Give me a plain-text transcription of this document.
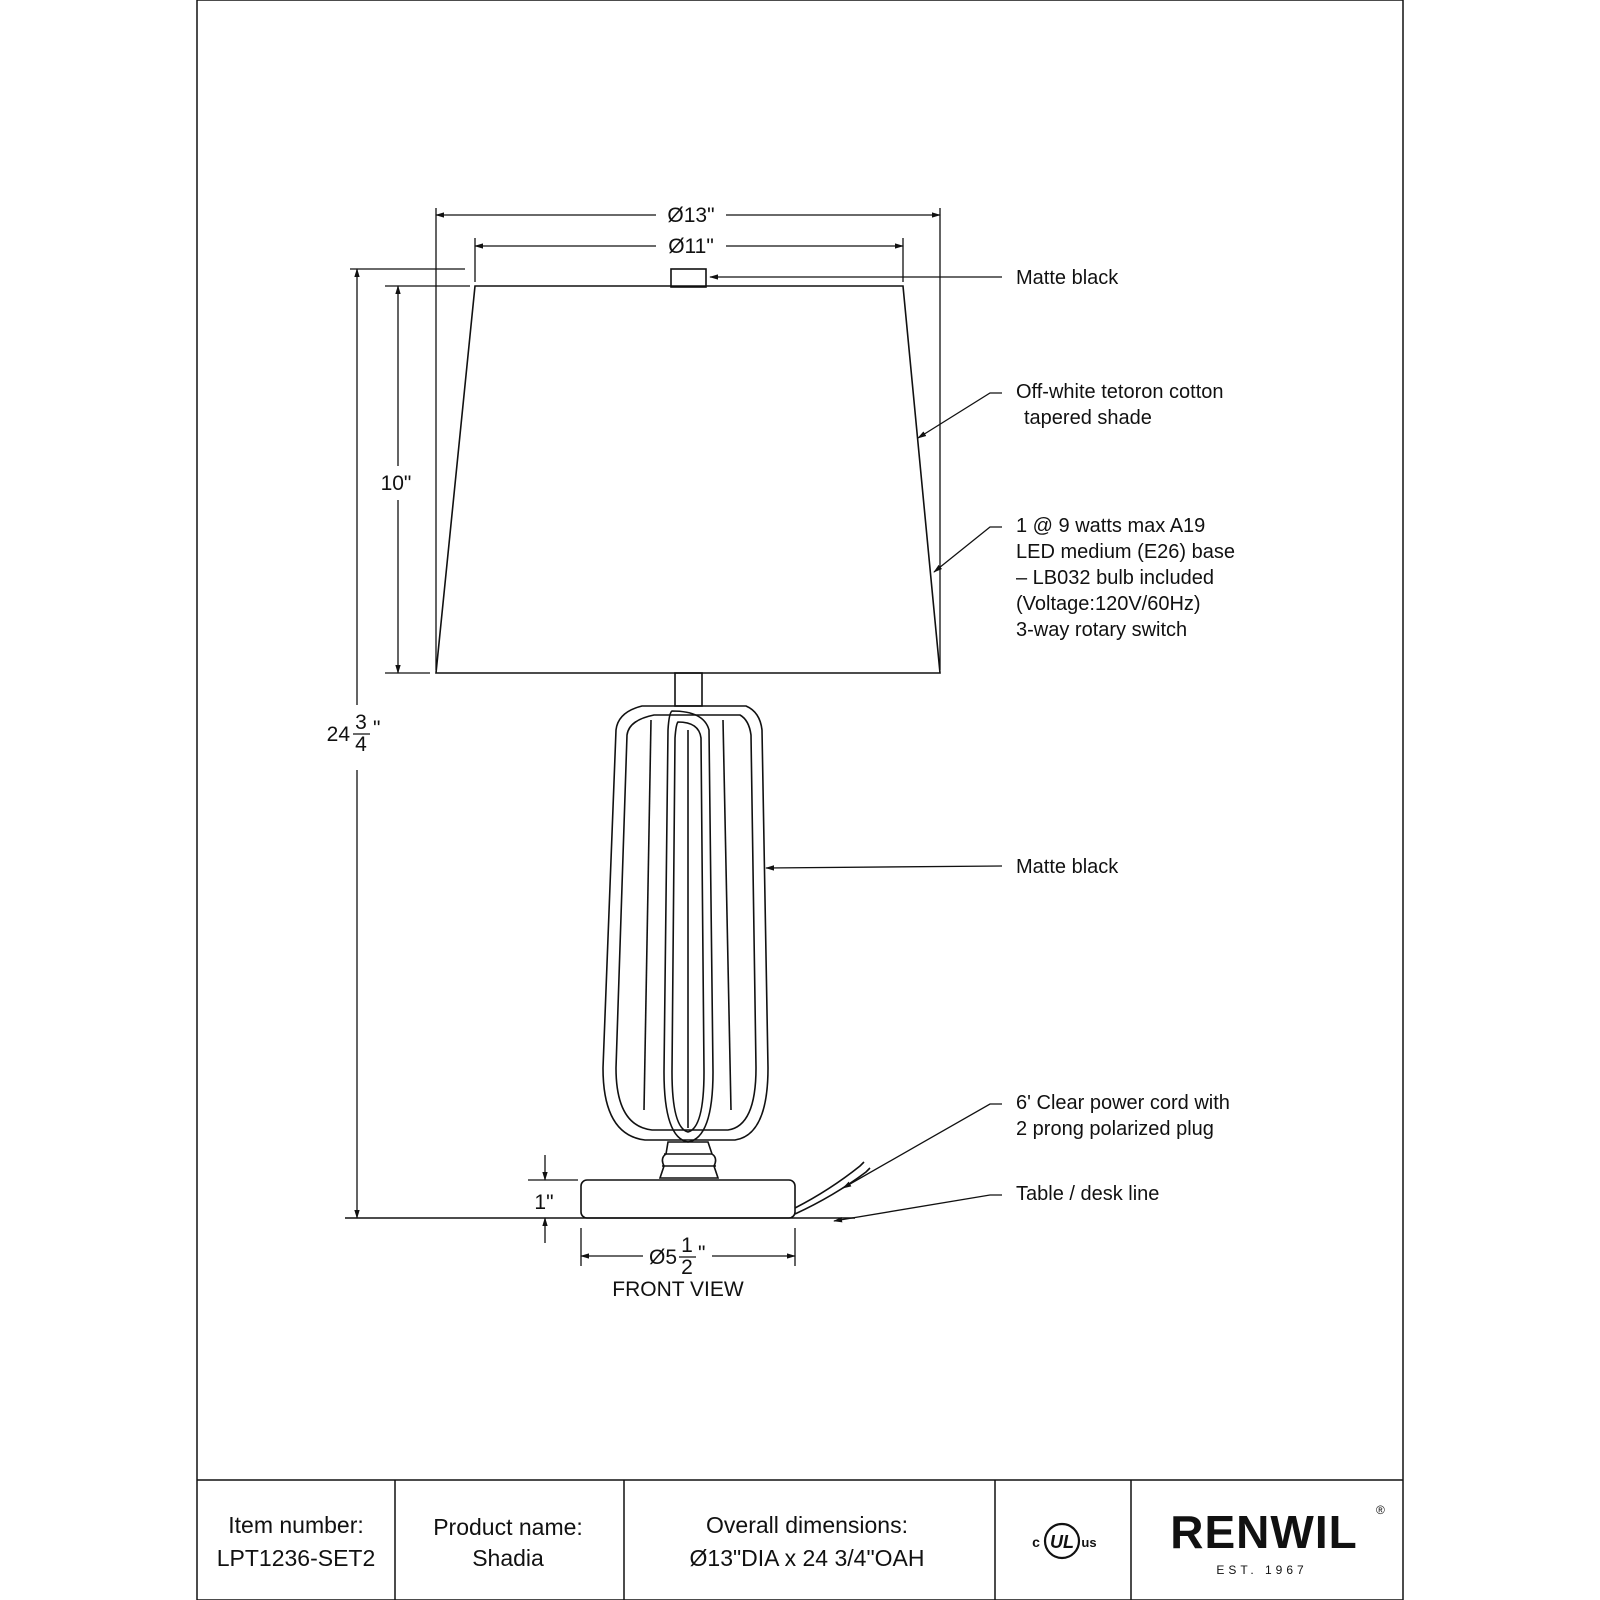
Ø13"
Ø11"
10"
24
3
4
"
1"
Ø5
1
2
"
FRONT VIEW
Matte black
Off-white tetoron cotton
tapered shade
1 @ 9 watts max A19
LED medium (E26) base
– LB032 bulb included
(Voltage:120V/60Hz)
3-way rotary switch
Matte black
6' Clear power cord with
2 prong polarized plug
Table / desk line
Item number:
LPT1236-SET2
Product name:
Shadia
Overall dimensions:
Ø13"DIA x 24 3/4"OAH
UL
c	us RENWIL ®
EST. 1967
